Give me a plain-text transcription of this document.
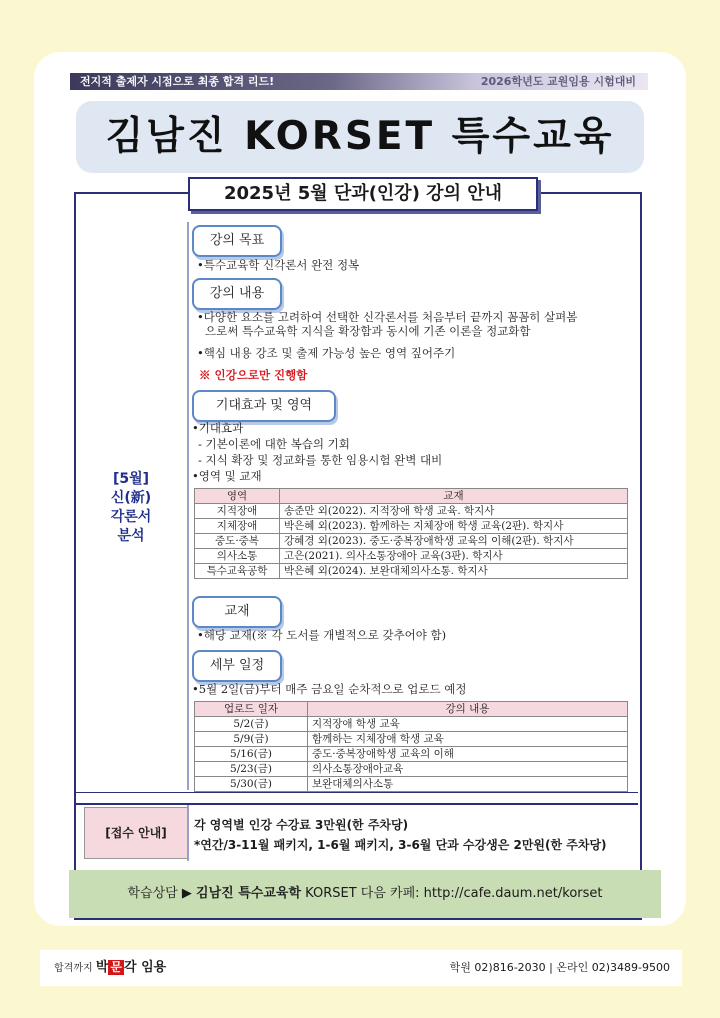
전지적 출제자 시점으로 최종 합격 리드!	2026학년도 교원임용 시험대비
김남진 KORSET 특수교육
2025년 5월 단과(인강) 강의 안내
[5월]
신(新)
각론서
분석
강의 목표
•특수교육학 신각론서 완전 정복
강의 내용
•다양한 요소를 고려하여 선택한 신각론서를 처음부터 끝까지 꼼꼼히 살펴봄
으로써 특수교육학 지식을 확장함과 동시에 기존 이론을 정교화함
•핵심 내용 강조 및 출제 가능성 높은 영역 짚어주기
※ 인강으로만 진행함
기대효과 및 영역
•기대효과
- 기본이론에 대한 복습의 기회
- 지식 확장 및 정교화를 통한 임용시험 완벽 대비
•영역 및 교재
영역	교재
지적장애	송준만 외(2022). 지적장애 학생 교육. 학지사
지체장애	박은혜 외(2023). 함께하는 지체장애 학생 교육(2판). 학지사
중도·중복	강혜경 외(2023). 중도·중복장애학생 교육의 이해(2판). 학지사
의사소통	고은(2021). 의사소통장애아 교육(3판). 학지사
특수교육공학	박은혜 외(2024). 보완대체의사소통. 학지사
교재
•해당 교재(※ 각 도서를 개별적으로 갖추어야 함)
세부 일정
•5월 2일(금)부터 매주 금요일 순차적으로 업로드 예정
업로드 일자	강의 내용
5/2(금)	지적장애 학생 교육
5/9(금)	함께하는 지체장애 학생 교육
5/16(금)	중도·중복장애학생 교육의 이해
5/23(금)	의사소통장애아교육
5/30(금)	보완대체의사소통
[접수 안내]
각 영역별 인강 수강료 3만원(한 주차당)
*연간/3-11월 패키지, 1-6월 패키지, 3-6월 단과 수강생은 2만원(한 주차당)
학습상담 ▶ 김남진 특수교육학 KORSET 다음 카페: http://cafe.daum.net/korset
합격까지 박 문 각 임용	학원 02)816-2030 | 온라인 02)3489-9500
